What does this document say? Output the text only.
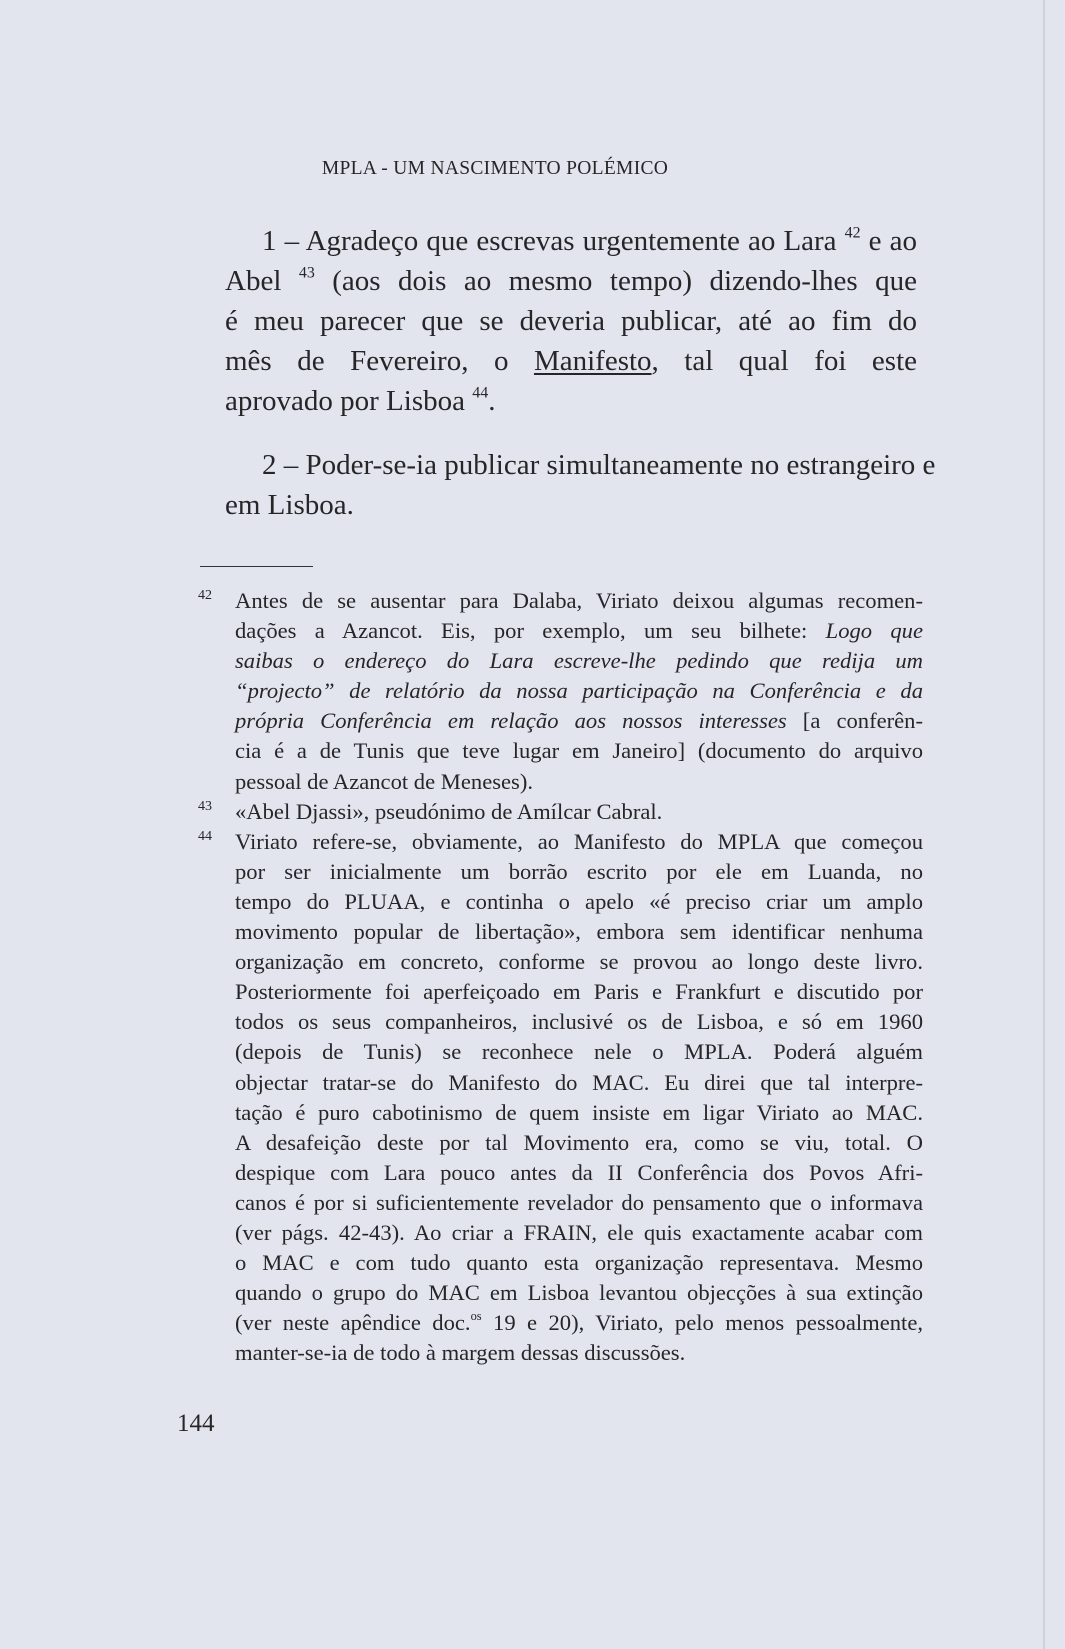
MPLA - UM NASCIMENTO POLÉMICO
1 – Agradeço que escrevas urgentemente ao Lara $^{42}$ e ao
Abel $^{43}$ (aos dois ao mesmo tempo) dizendo-lhes que
é meu parecer que se deveria publicar, até ao fim do
mês de Fevereiro, o Manifesto, tal qual foi este
aprovado por Lisboa $^{44}$.
2 – Poder-se-ia publicar simultaneamente no estrangeiro e
em Lisboa.
42 Antes de se ausentar para Dalaba, Viriato deixou algumas recomen-
dações a Azancot. Eis, por exemplo, um seu bilhete: Logo que
saibas o endereço do Lara escreve-lhe pedindo que redija um
“projecto” de relatório da nossa participação na Conferência e da
própria Conferência em relação aos nossos interesses [a conferên-
cia é a de Tunis que teve lugar em Janeiro] (documento do arquivo
pessoal de Azancot de Meneses).
43 «Abel Djassi», pseudónimo de Amílcar Cabral.
44 Viriato refere-se, obviamente, ao Manifesto do MPLA que começou
por ser inicialmente um borrão escrito por ele em Luanda, no
tempo do PLUAA, e continha o apelo «é preciso criar um amplo
movimento popular de libertação», embora sem identificar nenhuma
organização em concreto, conforme se provou ao longo deste livro.
Posteriormente foi aperfeiçoado em Paris e Frankfurt e discutido por
todos os seus companheiros, inclusivé os de Lisboa, e só em 1960
(depois de Tunis) se reconhece nele o MPLA. Poderá alguém
objectar tratar-se do Manifesto do MAC. Eu direi que tal interpre-
tação é puro cabotinismo de quem insiste em ligar Viriato ao MAC.
A desafeição deste por tal Movimento era, como se viu, total. O
despique com Lara pouco antes da II Conferência dos Povos Afri-
canos é por si suficientemente revelador do pensamento que o informava
(ver págs. 42-43). Ao criar a FRAIN, ele quis exactamente acabar com
o MAC e com tudo quanto esta organização representava. Mesmo
quando o grupo do MAC em Lisboa levantou objecções à sua extinção
(ver neste apêndice doc.$^{os}$ 19 e 20), Viriato, pelo menos pessoalmente,
manter-se-ia de todo à margem dessas discussões.
144
